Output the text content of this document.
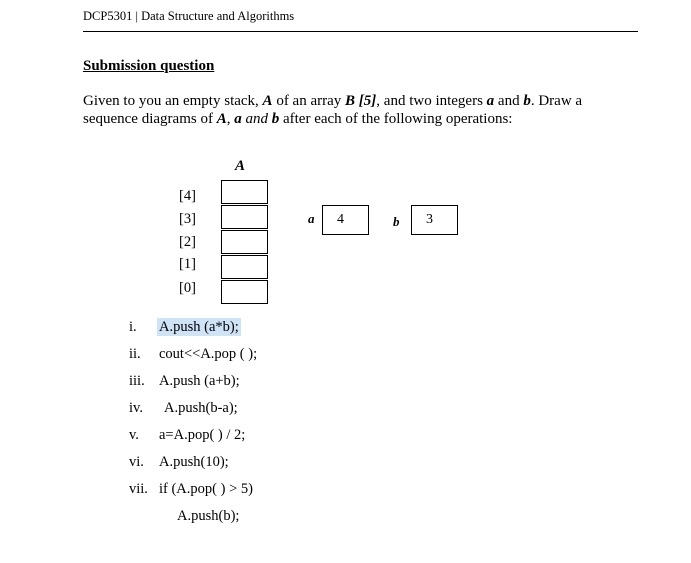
DCP5301 | Data Structure and Algorithms
Submission question
Given to you an empty stack, A of an array B [5], and two integers a and b. Draw a sequence diagrams of A, a and b after each of the following operations:
A
[4]
[3]
[2]
[1]
[0]
a 4	b 3
i. A.push (a*b);
ii. cout<<A.pop ( );
iii. A.push (a+b);
iv. A.push(b-a);
v. a=A.pop( ) / 2;
vi. A.push(10);
vii. if (A.pop( ) > 5)
A.push(b);
